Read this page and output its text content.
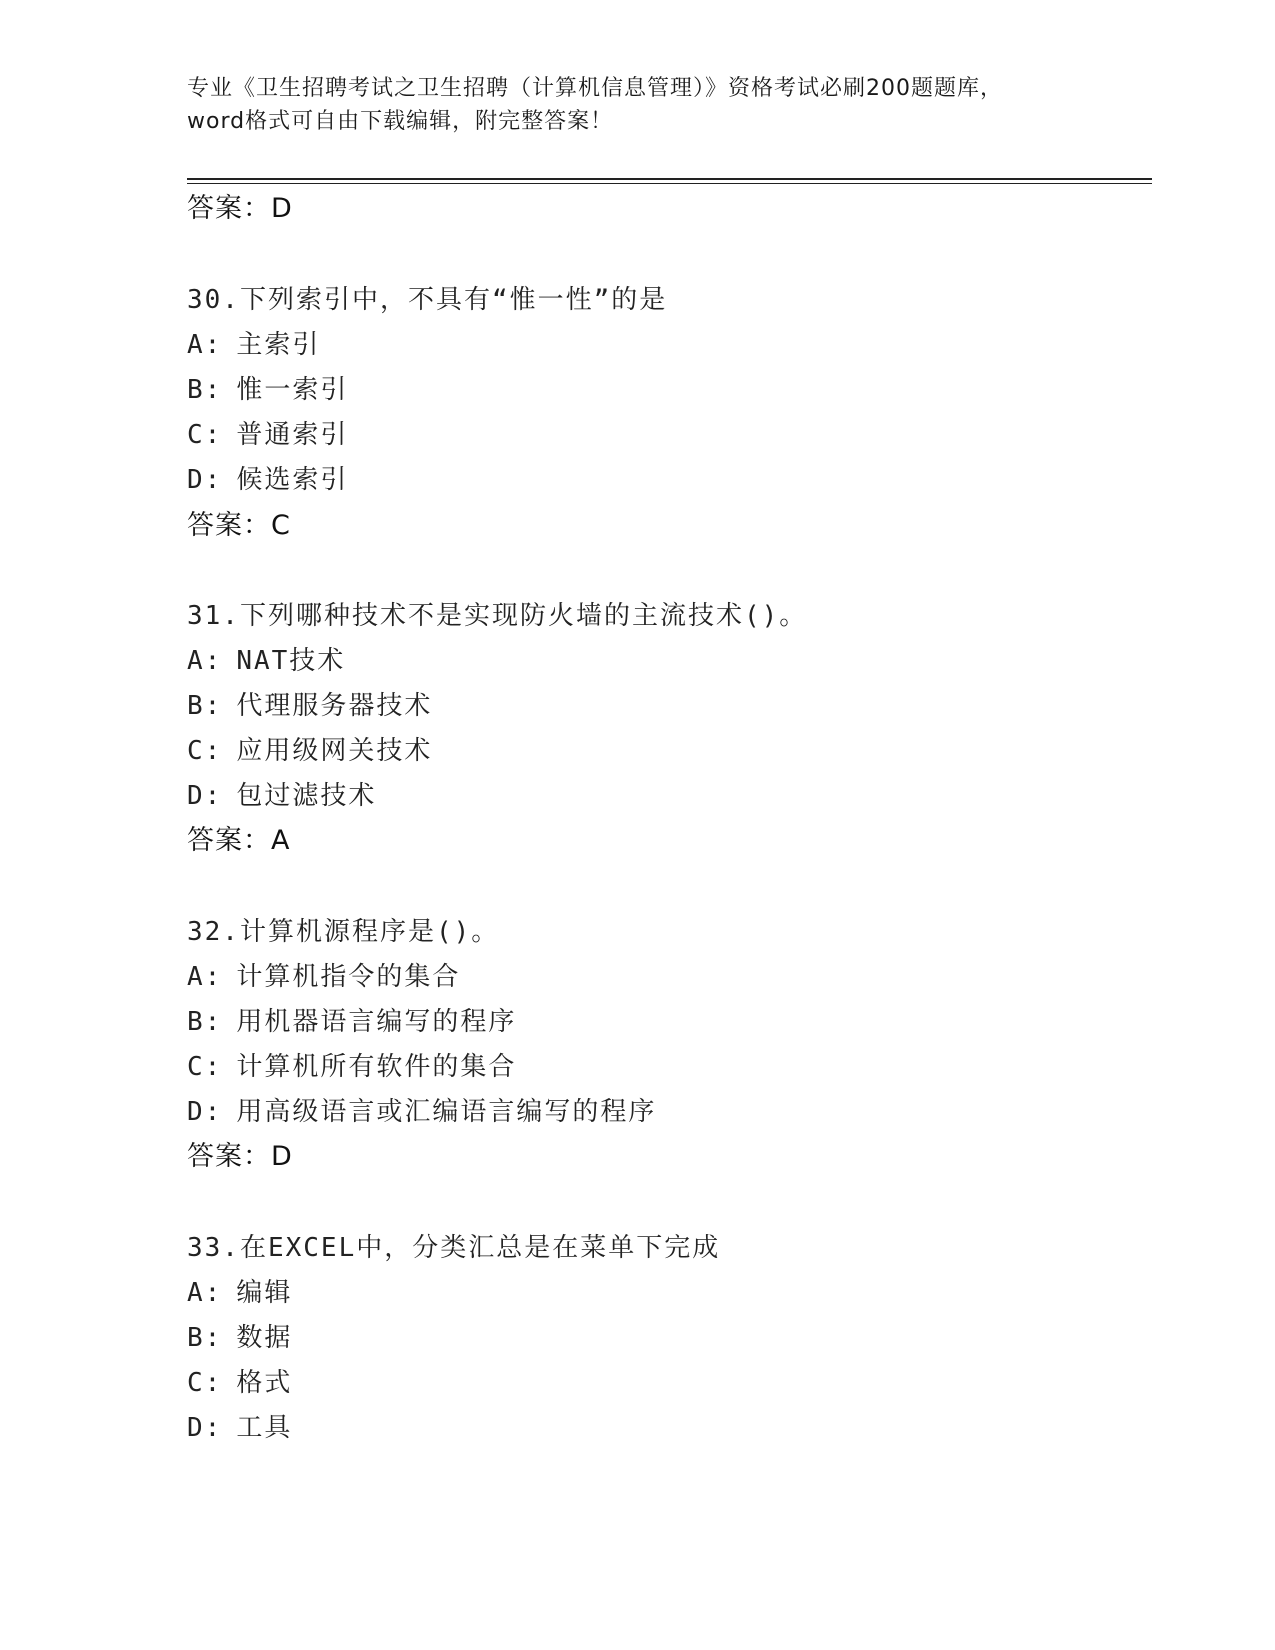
专业《卫生招聘考试之卫生招聘（计算机信息管理）》资格考试必刷200题题库，
word格式可自由下载编辑，附完整答案！
答案：D
30.下列索引中，不具有“惟一性”的是
A: 主索引
B: 惟一索引
C: 普通索引
D: 候选索引
答案：C
31.下列哪种技术不是实现防火墙的主流技术()。
A: NAT技术
B: 代理服务器技术
C: 应用级网关技术
D: 包过滤技术
答案：A
32.计算机源程序是()。
A: 计算机指令的集合
B: 用机器语言编写的程序
C: 计算机所有软件的集合
D: 用高级语言或汇编语言编写的程序
答案：D
33.在EXCEL中，分类汇总是在菜单下完成
A: 编辑
B: 数据
C: 格式
D: 工具
